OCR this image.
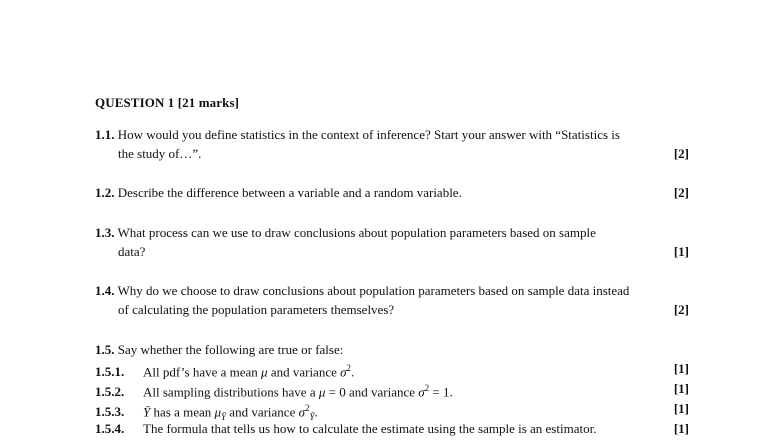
QUESTION 1 [21 marks]
1.1. How would you define statistics in the context of inference? Start your answer with “Statistics is
the study of…”.	[2]
1.2. Describe the difference between a variable and a random variable.	[2]
1.3. What process can we use to draw conclusions about population parameters based on sample
data?	[1]
1.4. Why do we choose to draw conclusions about population parameters based on sample data instead
of calculating the population parameters themselves?	[2]
1.5. Say whether the following are true or false:
1.5.1. All pdf’s have a mean μ and variance $\sigma^2$.	[1]
1.5.2. All sampling distributions have a μ = 0 and variance $\sigma^2 = 1$.	[1]
1.5.3. Ȳ has a mean $\mu_{Ȳ}$ and variance $\sigma^2_{Ȳ}$.	[1]
1.5.4. The formula that tells us how to calculate the estimate using the sample is an estimator.	[1]
